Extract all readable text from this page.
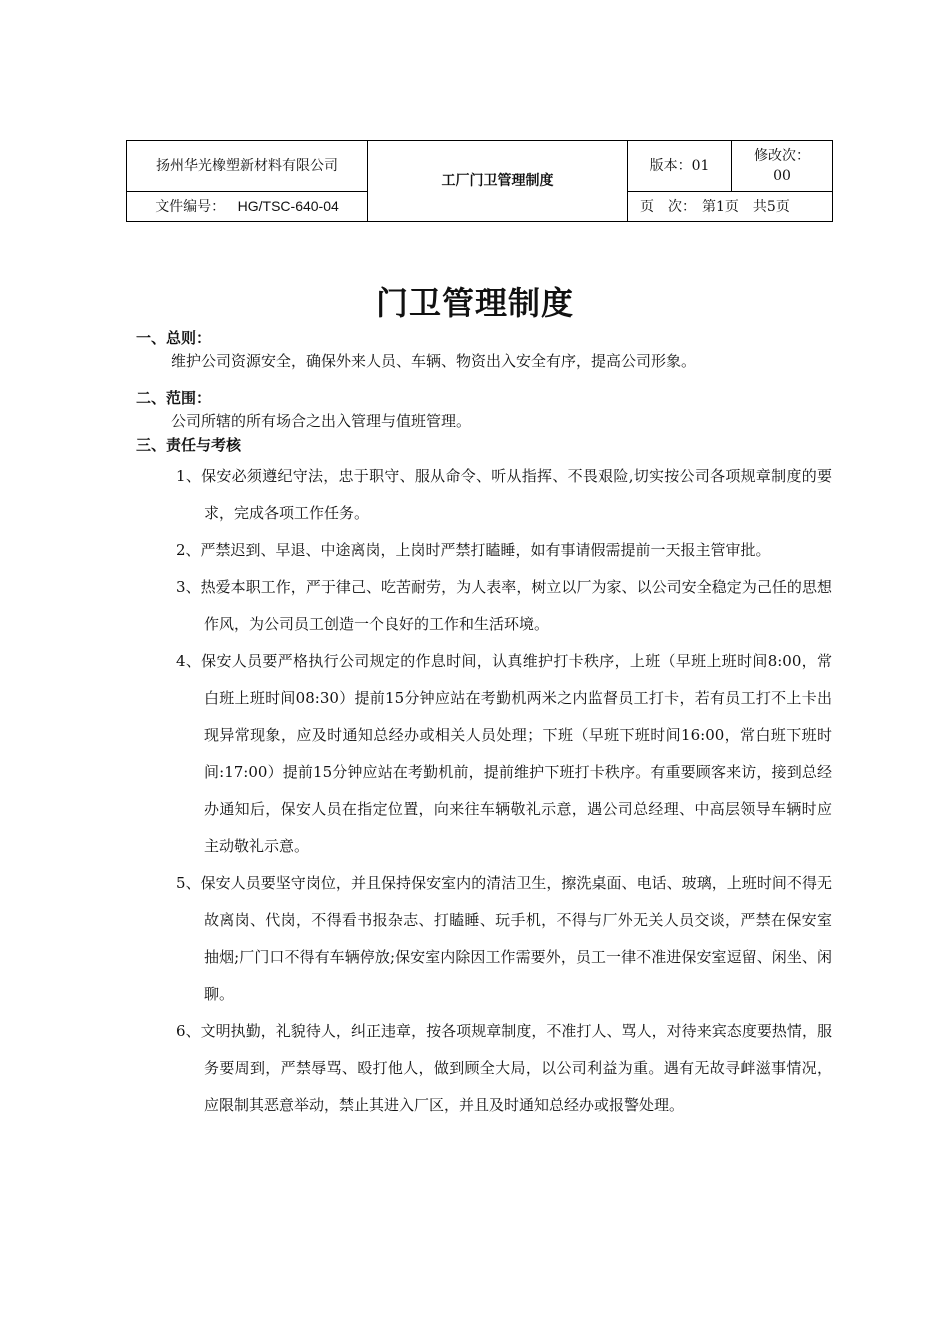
扬州华光橡塑新材料有限公司	工厂门卫管理制度	版本：01	修改次：
00

文件编号： HG/TSC-640-04		页　次： 第1页 共5页	
门卫管理制度
一、总则：
维护公司资源安全，确保外来人员、车辆、物资出入安全有序，提高公司形象。
二、范围：
公司所辖的所有场合之出入管理与值班管理。
三、责任与考核

1、保安必须遵纪守法，忠于职守、服从命令、听从指挥、不畏艰险,切实按公司各项规章制度的要求，完成各项工作任务。

2、严禁迟到、早退、中途离岗，上岗时严禁打瞌睡，如有事请假需提前一天报主管审批。

3、热爱本职工作，严于律己、吃苦耐劳，为人表率，树立以厂为家、以公司安全稳定为己任的思想作风，为公司员工创造一个良好的工作和生活环境。

4、保安人员要严格执行公司规定的作息时间，认真维护打卡秩序，上班（早班上班时间8:00，常白班上班时间08:30）提前15分钟应站在考勤机两米之内监督员工打卡，若有员工打不上卡出现异常现象，应及时通知总经办或相关人员处理；下班（早班下班时间16:00，常白班下班时间:17:00）提前15分钟应站在考勤机前，提前维护下班打卡秩序。有重要顾客来访，接到总经办通知后，保安人员在指定位置，向来往车辆敬礼示意，遇公司总经理、中高层领导车辆时应主动敬礼示意。

5、保安人员要坚守岗位，并且保持保安室内的清洁卫生，擦洗桌面、电话、玻璃，上班时间不得无故离岗、代岗，不得看书报杂志、打瞌睡、玩手机，不得与厂外无关人员交谈，严禁在保安室抽烟;厂门口不得有车辆停放;保安室内除因工作需要外，员工一律不准进保安室逗留、闲坐、闲聊。

6、文明执勤，礼貌待人，纠正违章，按各项规章制度，不准打人、骂人，对待来宾态度要热情，服务要周到，严禁辱骂、殴打他人，做到顾全大局，以公司利益为重。遇有无故寻衅滋事情况，应限制其恶意举动，禁止其进入厂区，并且及时通知总经办或报警处理。
